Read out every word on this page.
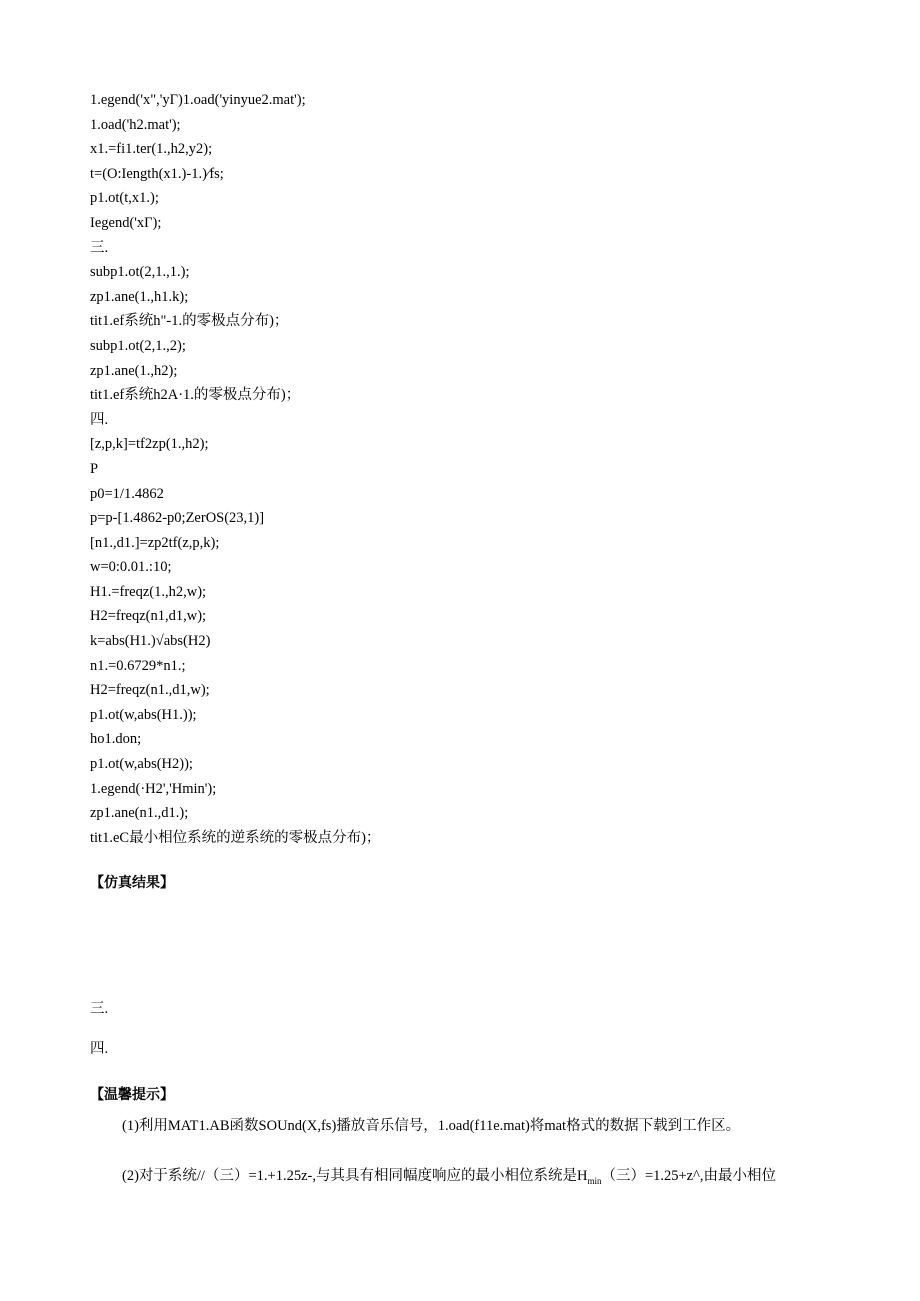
1.egend('x",'yΓ)1.oad('yinyue2.mat');
1.oad('h2.mat');
x1.=fi1.ter(1.,h2,y2);
t=(O:Iength(x1.)-1.)⁄fs;
p1.ot(t,x1.);
Iegend('xΓ);
三.
subp1.ot(2,1.,1.);
zp1.ane(1.,h1.k);
tit1.ef系统h"-1.的零极点分布)；
subp1.ot(2,1.,2);
zp1.ane(1.,h2);
tit1.ef系统h2A·1.的零极点分布)；
四.
[z,p,k]=tf2zp(1.,h2);
P
p0=1/1.4862
p=p-[1.4862-p0;ZerOS(23,1)]
[n1.,d1.]=zp2tf(z,p,k);
w=0:0.01.:10;
H1.=freqz(1.,h2,w);
H2=freqz(n1,d1,w);
k=abs(H1.)√abs(H2)
n1.=0.6729*n1.;
H2=freqz(n1.,d1,w);
p1.ot(w,abs(H1.));
ho1.don;
p1.ot(w,abs(H2));
1.egend(·H2','Hmin');
zp1.ane(n1.,d1.);
tit1.eC最小相位系统的逆系统的零极点分布)；
【仿真结果】
三.
四.
【温馨提示】
(1)利用MAT1.AB函数SOUnd(X,fs)播放音乐信号，1.oad(f11e.mat)将mat格式的数据下载到工作区。
(2)对于系统//（三）=1.+1.25z-,与其具有相同幅度响应的最小相位系统是$H_{min}$（三）=1.25+z^,由最小相位
